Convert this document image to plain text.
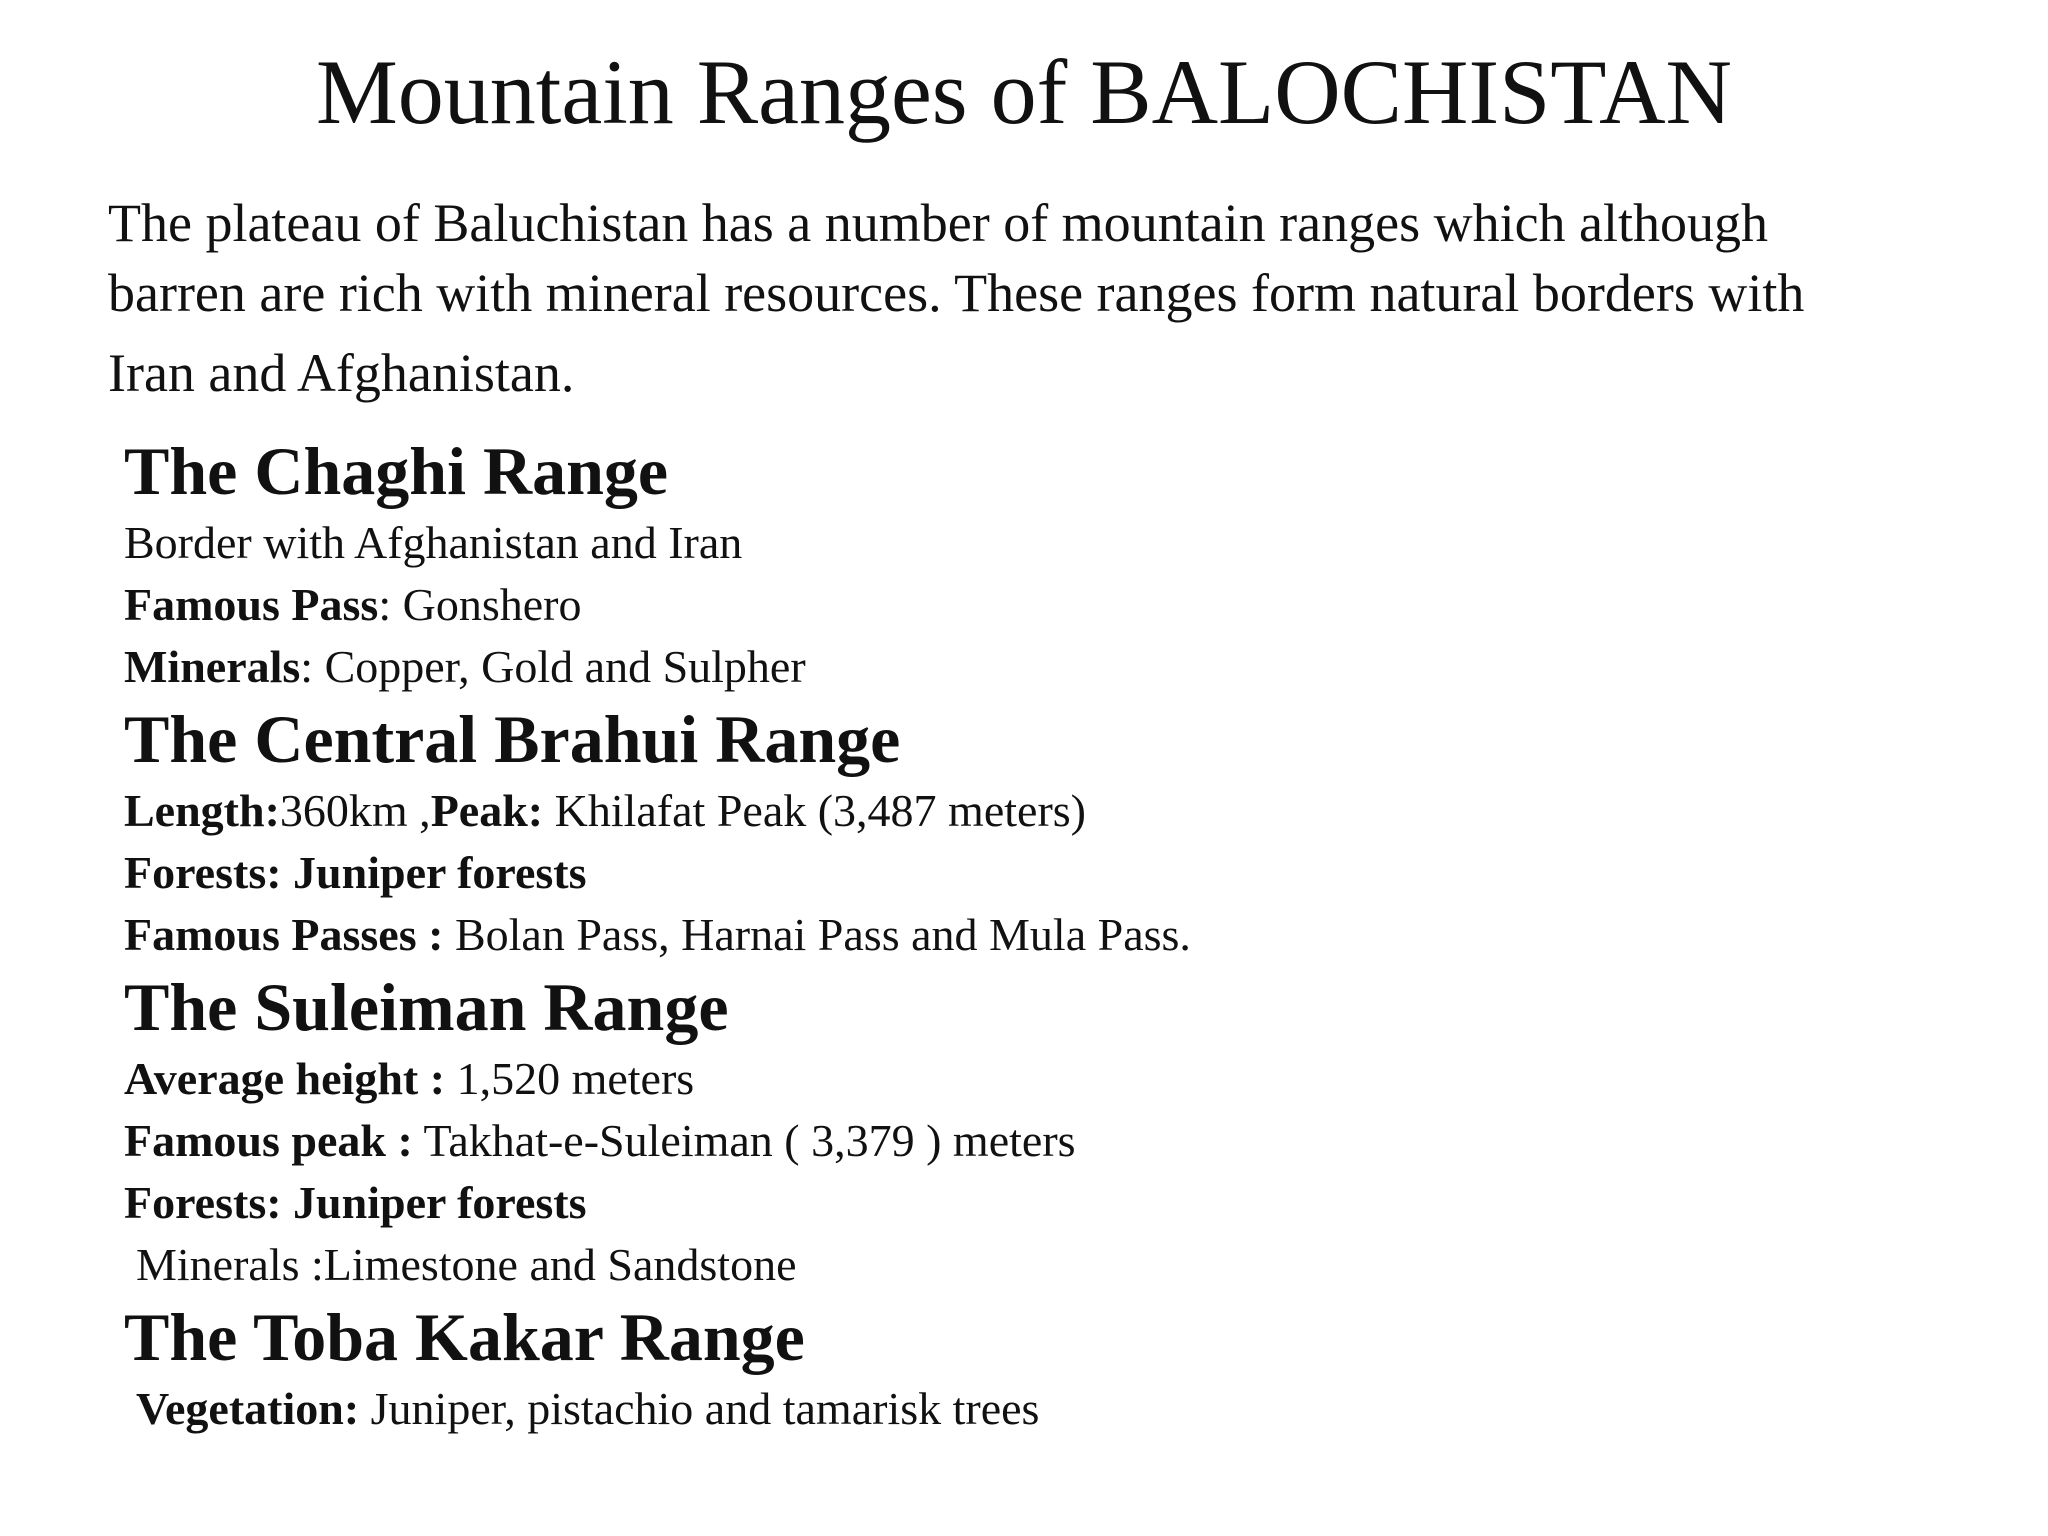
Mountain Ranges of BALOCHISTAN
The plateau of Baluchistan has a number of mountain ranges which although
barren are rich with mineral resources. These ranges form natural borders with
Iran and Afghanistan.
The Chaghi Range
Border with Afghanistan and Iran
Famous Pass: Gonshero
Minerals: Copper, Gold and Sulpher
The Central Brahui Range
Length:360km ,Peak: Khilafat Peak (3,487 meters)
Forests: Juniper forests
Famous Passes : Bolan Pass, Harnai Pass and Mula Pass.
The Suleiman Range
Average height : 1,520 meters
Famous peak : Takhat-e-Suleiman ( 3,379 ) meters
Forests: Juniper forests
Minerals :Limestone and Sandstone
The Toba Kakar Range
Vegetation: Juniper, pistachio and tamarisk trees
